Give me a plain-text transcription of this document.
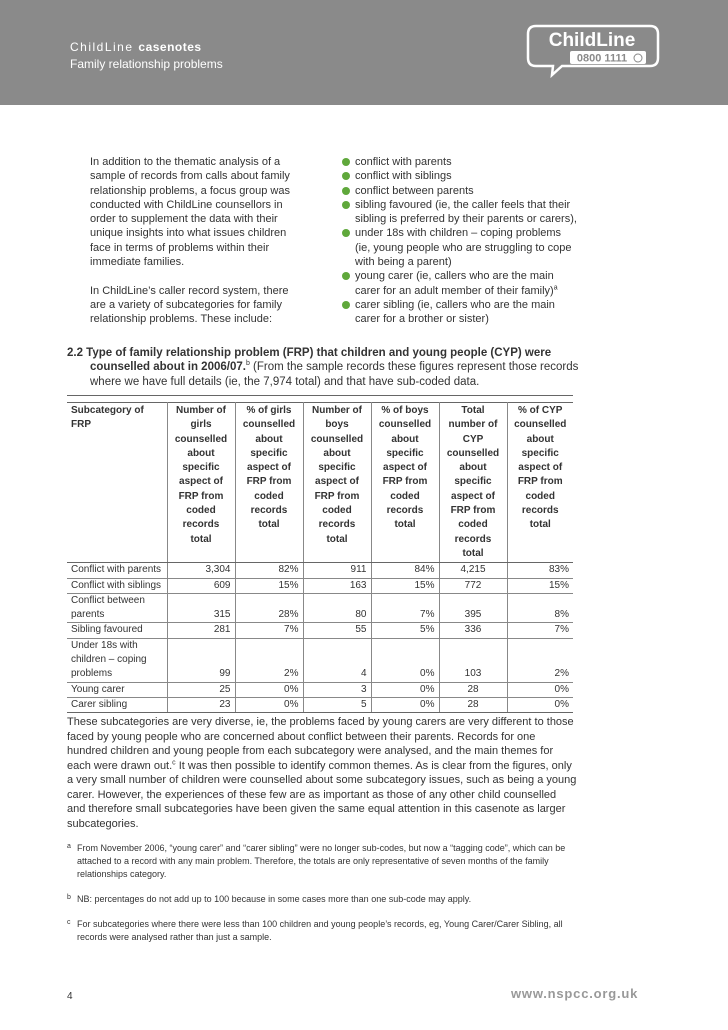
ChildLine casenotes
Family relationship problems
ChildLine
0800 1111

In addition to the thematic analysis of a sample of records from calls about family relationship problems, a focus group was conducted with ChildLine counsellors in order to supplement the data with their unique insights into what issues children face in terms of problems within their immediate families.

In ChildLine’s caller record system, there are a variety of subcategories for family relationship problems. These include:

conflict with parents
conflict with siblings
conflict between parents
sibling favoured (ie, the caller feels that their sibling is preferred by their parents or carers),
under 18s with children – coping problems (ie, young people who are struggling to cope with being a parent)
young carer (ie, callers who are the main carer for an adult member of their family)$^a$
carer sibling (ie, callers who are the main carer for a brother or sister)
2.2 Type of family relationship problem (FRP) that children and young people (CYP) were
counselled about in 2006/07.$^b$ (From the sample records these figures represent those records where we have full details (ie, the 7,974 total) and that have sub-coded data.
Subcategory of FRP	Number of girls counselled about specific aspect of FRP from coded records total	% of girls counselled about specific aspect of FRP from coded records total	Number of boys counselled about specific aspect of FRP from coded records total	% of boys counselled about specific aspect of FRP from coded records total	Total number of CYP counselled about specific aspect of FRP from coded records total	% of CYP counselled about specific aspect of FRP from coded records total
Conflict with parents	3,304	82%	911	84%	4,215	83%
Conflict with siblings	609	15%	163	15%	772	15%
Conflict between parents	315	28%	80	7%	395	8%
Sibling favoured	281	7%	55	5%	336	7%
Under 18s with children – coping problems	99	2%	4	0%	103	2%
Young carer	25	0%	3	0%	28	0%
Carer sibling	23	0%	5	0%	28	0%

These subcategories are very diverse, ie, the problems faced by young carers are very different to those faced by young people who are concerned about conflict between their parents. Records for one hundred children and young people from each subcategory were analysed, and the main themes for each were drawn out.$^c$ It was then possible to identify common themes. As is clear from the figures, only a very small number of children were counselled about some subcategory issues, such as being a young carer. However, the experiences of these few are as important as those of any other child counselled and therefore small subcategories have been given the same equal attention in this casenote as larger subcategories.

a From November 2006, “young carer” and “carer sibling” were no longer sub-codes, but now a “tagging code”, which can be attached to a record with any main problem. Therefore, the totals are only representative of seven months of the family relationships category.
b NB: percentages do not add up to 100 because in some cases more than one sub-code may apply.
c For subcategories where there were less than 100 children and young people’s records, eg, Young Carer/Carer Sibling, all records were analysed rather than just a sample.
4	www.nspcc.org.uk
